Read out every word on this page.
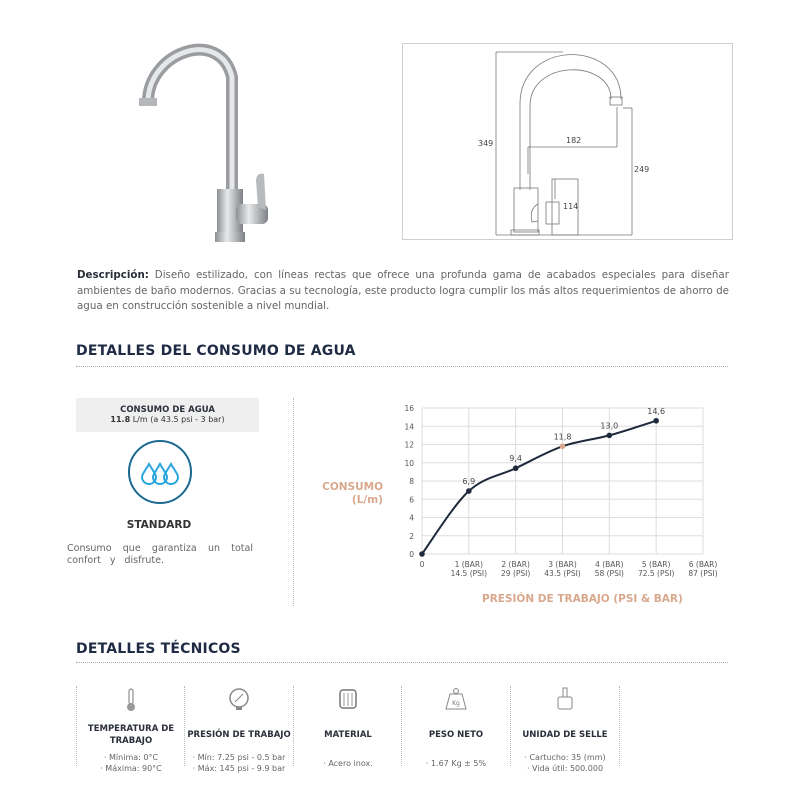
349	182
249
114
Descripción: Diseño estilizado, con líneas rectas que ofrece una profunda gama de acabados especiales para diseñar ambientes de baño modernos. Gracias a su tecnología, este producto logra cumplir los más altos requerimientos de ahorro de agua en construcción sostenible a nivel mundial.
DETALLES DEL CONSUMO DE AGUA
CONSUMO DE AGUA
11.8 L/m (a 43.5 psi - 3 bar)
STANDARD
Consumo que garantiza un total confort y disfrute.
CONSUMO
(L/m)
PRESIÓN DE TRABAJO (PSI & BAR)
0
2
4
6
8
10
12
14
16
0	1 (BAR)
14.5 (PSI)
2 (BAR)
29 (PSI)
3 (BAR)
43.5 (PSI)
4 (BAR)
58 (PSI)
5 (BAR)
72.5 (PSI)
6 (BAR)
87 (PSI)
6,9
9,4
11,8
13,0
14,6
DETALLES TÉCNICOS
TEMPERATURA DE TRABAJO
· Mínima: 0°C
· Máxima: 90°C
PRESIÓN DE TRABAJO
· Mín: 7.25 psi - 0.5 bar
· Máx: 145 psi - 9.9 bar
MATERIAL
· Acero inox.
Kg
PESO NETO
· 1.67 Kg ± 5%
UNIDAD DE SELLE
· Cartucho: 35 (mm)
· Vida útil: 500.000
